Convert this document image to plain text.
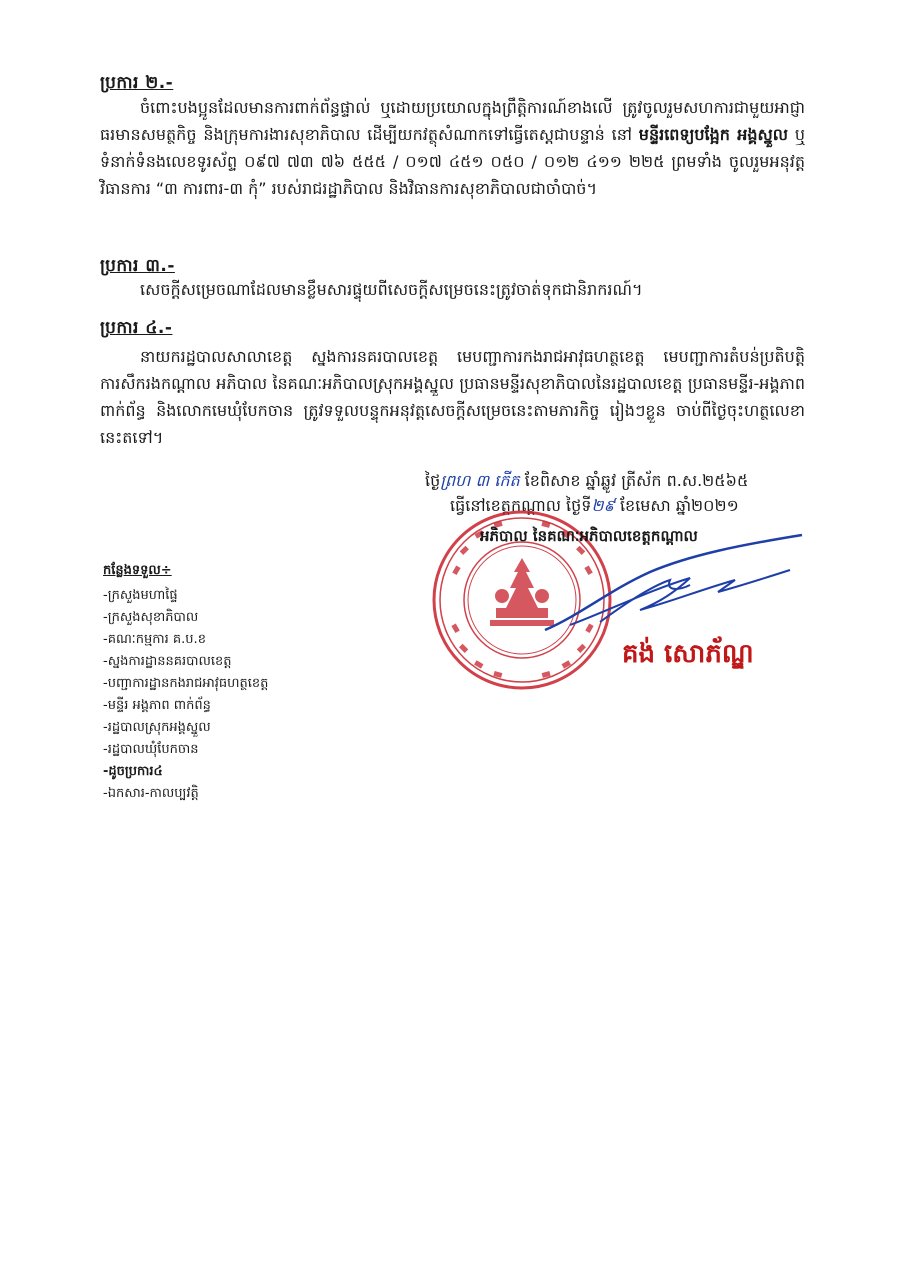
ប្រការ ២.-

ចំពោះបងប្អូនដែលមានការពាក់ព័ន្ធផ្ទាល់ ឬដោយប្រយោលក្នុងព្រឹត្តិការណ៍ខាងលើ ត្រូវចូលរួមសហការជាមួយអាជ្ញាធរមានសមត្ថកិច្ច និងក្រុមការងារសុខាភិបាល ដើម្បីយកវត្ថុសំណាកទៅធ្វើតេស្តជាបន្ទាន់ នៅ មន្ទីរពេទ្យបង្អែក អង្គស្នួល ឬទំនាក់ទំនងលេខទូរស័ព្ទ ០៩៧ ៧៣ ៧៦ ៥៥៥ / ០១៧ ៤៥១ ០៥០ / ០១២ ៤១១ ២២៥ ព្រមទាំង ចូលរួមអនុវត្តវិធានការ “៣ ការពារ-៣ កុំ” របស់រាជរដ្ឋាភិបាល និងវិធានការសុខាភិបាលជាចាំបាច់។

ប្រការ ៣.-

សេចក្តីសម្រេចណាដែលមានខ្លឹមសារផ្ទុយពីសេចក្តីសម្រេចនេះត្រូវចាត់ទុកជានិរាករណ៍។

ប្រការ ៤.-

នាយករដ្ឋបាលសាលាខេត្ត ស្នងការនគរបាលខេត្ត មេបញ្ជាការកងរាជអាវុធហត្ថខេត្ត មេបញ្ជាការតំបន់ប្រតិបត្តិការសឹករងកណ្តាល អភិបាល នៃគណៈអភិបាលស្រុកអង្គស្នួល ប្រធានមន្ទីរសុខាភិបាលនៃរដ្ឋបាលខេត្ត ប្រធានមន្ទីរ-អង្គភាពពាក់ព័ន្ធ និងលោកមេឃុំបែកចាន ត្រូវទទួលបន្ទុកអនុវត្តសេចក្តីសម្រេចនេះតាមភារកិច្ច រៀងៗខ្លួន ចាប់ពីថ្ងៃចុះហត្ថលេខានេះតទៅ។

ថ្ងៃព្រហ ៣ កើត ខែពិសាខ ឆ្នាំឆ្លូវ ត្រីស័ក ព.ស.២៥៦៥
ធ្វើនៅខេត្តកណ្តាល ថ្ងៃទី២៩ ខែមេសា ឆ្នាំ២០២១
អភិបាល នៃគណៈអភិបាលខេត្តកណ្តាល
គង់ សោភ័ណ្ឌ
កន្លែងទទួល÷
-ក្រសួងមហាផ្ទៃ
-ក្រសួងសុខាភិបាល
-គណៈកម្មការ គ.ប.ខ
-ស្នងការដ្ឋាននគរបាលខេត្ត
-បញ្ជាការដ្ឋានកងរាជអាវុធហត្ថខេត្ត
-មន្ទីរ អង្គភាព ពាក់ព័ន្ធ
-រដ្ឋបាលស្រុកអង្គស្នួល
-រដ្ឋបាលឃុំបែកចាន
-ដូចប្រការ៤
-ឯកសារ-កាលប្បវត្តិ
